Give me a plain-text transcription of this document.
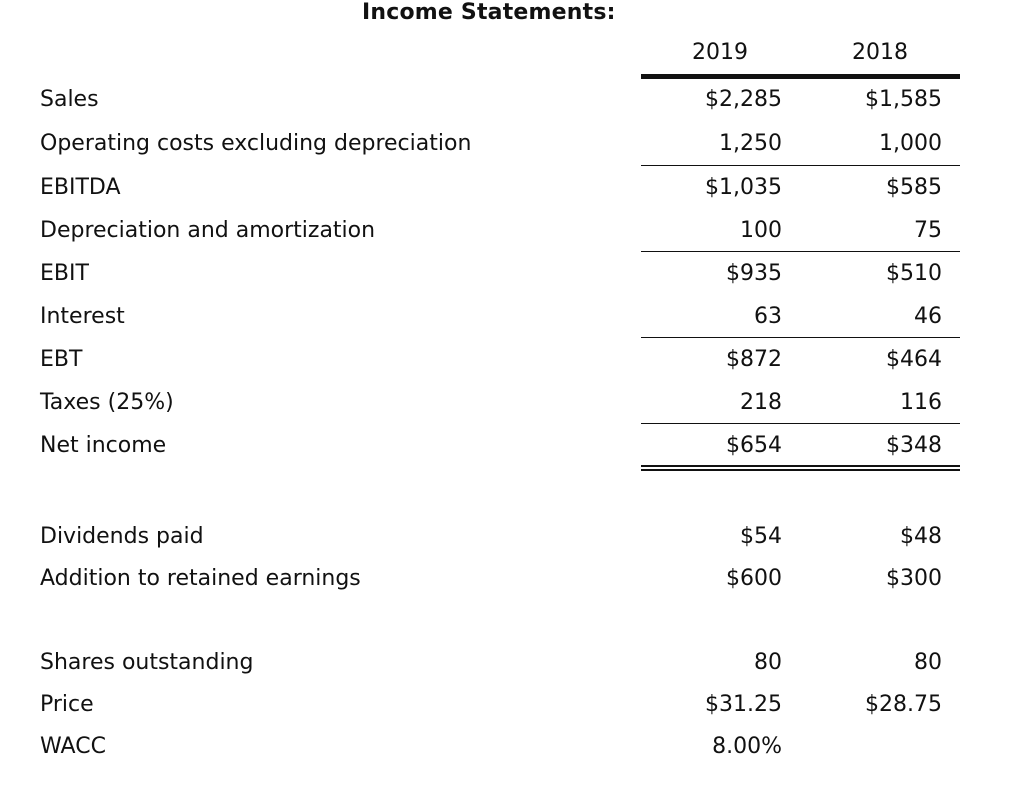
Income Statements:
2019	2018
Sales	$2,285	$1,585
Operating costs excluding depreciation	1,250	1,000
EBITDA	$1,035	$585
Depreciation and amortization	100	75
EBIT	$935	$510
Interest	63	46
EBT	$872	$464
Taxes (25%)	218	116
Net income	$654	$348
Dividends paid	$54	$48
Addition to retained earnings	$600	$300
Shares outstanding	80	80
Price	$31.25	$28.75
WACC	8.00%
